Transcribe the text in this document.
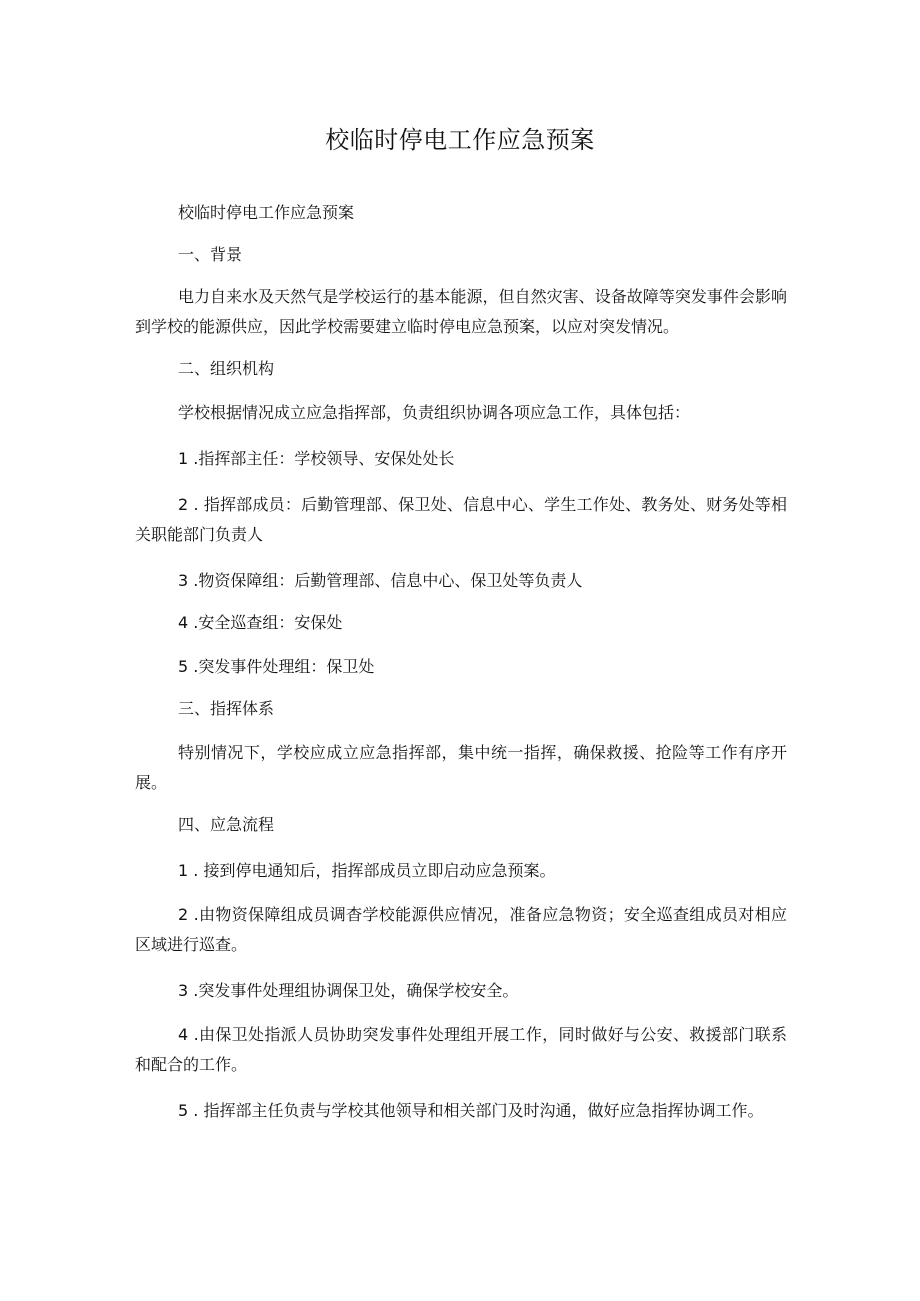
校临时停电工作应急预案

校临时停电工作应急预案

一、背景

电力自来水及天然气是学校运行的基本能源，但自然灾害、设备故障等突发事件会影响到学校的能源供应，因此学校需要建立临时停电应急预案，以应对突发情况。

二、组织机构

学校根据情况成立应急指挥部，负责组织协调各项应急工作，具体包括：

1 .指挥部主任：学校领导、安保处处长

2 . 指挥部成员：后勤管理部、保卫处、信息中心、学生工作处、教务处、财务处等相关职能部门负责人

3 .物资保障组：后勤管理部、信息中心、保卫处等负责人

4 .安全巡查组：安保处

5 .突发事件处理组：保卫处

三、指挥体系

特别情况下，学校应成立应急指挥部，集中统一指挥，确保救援、抢险等工作有序开展。

四、应急流程

1 . 接到停电通知后，指挥部成员立即启动应急预案。

2 .由物资保障组成员调杳学校能源供应情况，准备应急物资；安全巡查组成员对相应区域进行巡查。

3 .突发事件处理组协调保卫处，确保学校安全。

4 .由保卫处指派人员协助突发事件处理组开展工作，同时做好与公安、救援部门联系和配合的工作。

5 . 指挥部主任负责与学校其他领导和相关部门及时沟通，做好应急指挥协调工作。
